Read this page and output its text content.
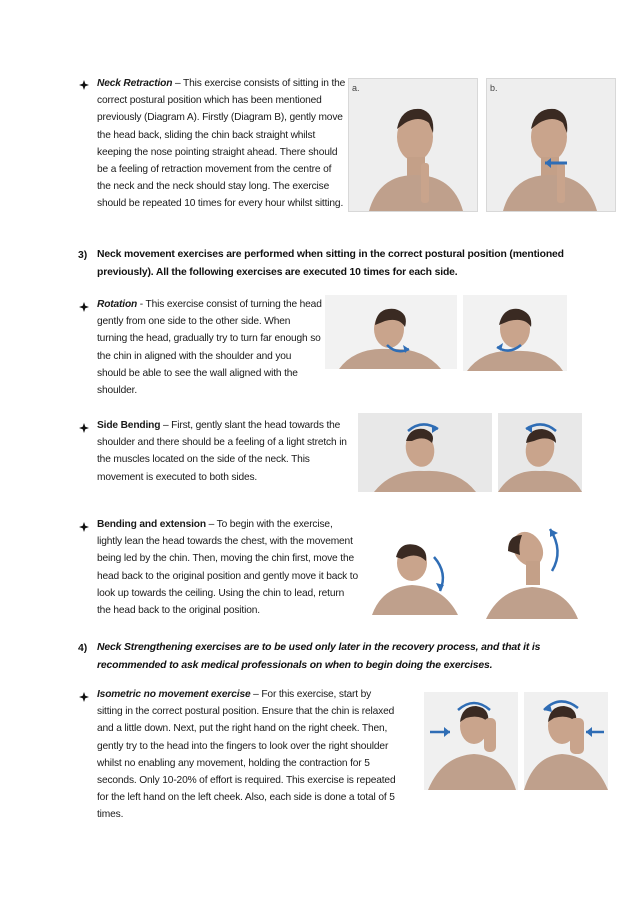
Neck Retraction – This exercise consists of sitting in the correct postural position which has been mentioned previously (Diagram A). Firstly (Diagram B), gently move the head back, sliding the chin back straight whilst keeping the nose pointing straight ahead. There should be a feeling of retraction movement from the centre of the neck and the neck should stay long. The exercise should be repeated 10 times for every hour whilst sitting.
a.	b.
3) Neck movement exercises are performed when sitting in the correct postural position (mentioned previously). All the following exercises are executed 10 times for each side.
Rotation - This exercise consist of turning the head gently from one side to the other side. When turning the head, gradually try to turn far enough so the chin in aligned with the shoulder and you should be able to see the wall aligned with the shoulder.
Side Bending – First, gently slant the head towards the shoulder and there should be a feeling of a light stretch in the muscles located on the side of the neck. This movement is executed to both sides.
Bending and extension – To begin with the exercise, lightly lean the head towards the chest, with the movement being led by the chin. Then, moving the chin first, move the head back to the original position and gently move it back to look up towards the ceiling. Using the chin to lead, return the head back to the original position.
4) Neck Strengthening exercises are to be used only later in the recovery process, and that it is recommended to ask medical professionals on when to begin doing the exercises.
Isometric no movement exercise – For this exercise, start by sitting in the correct postural position. Ensure that the chin is relaxed and a little down. Next, put the right hand on the right cheek. Then, gently try to the head into the fingers to look over the right shoulder whilst no enabling any movement, holding the contraction for 5 seconds. Only 10-20% of effort is required. This exercise is repeated for the left hand on the left cheek. Also, each side is done a total of 5 times.
